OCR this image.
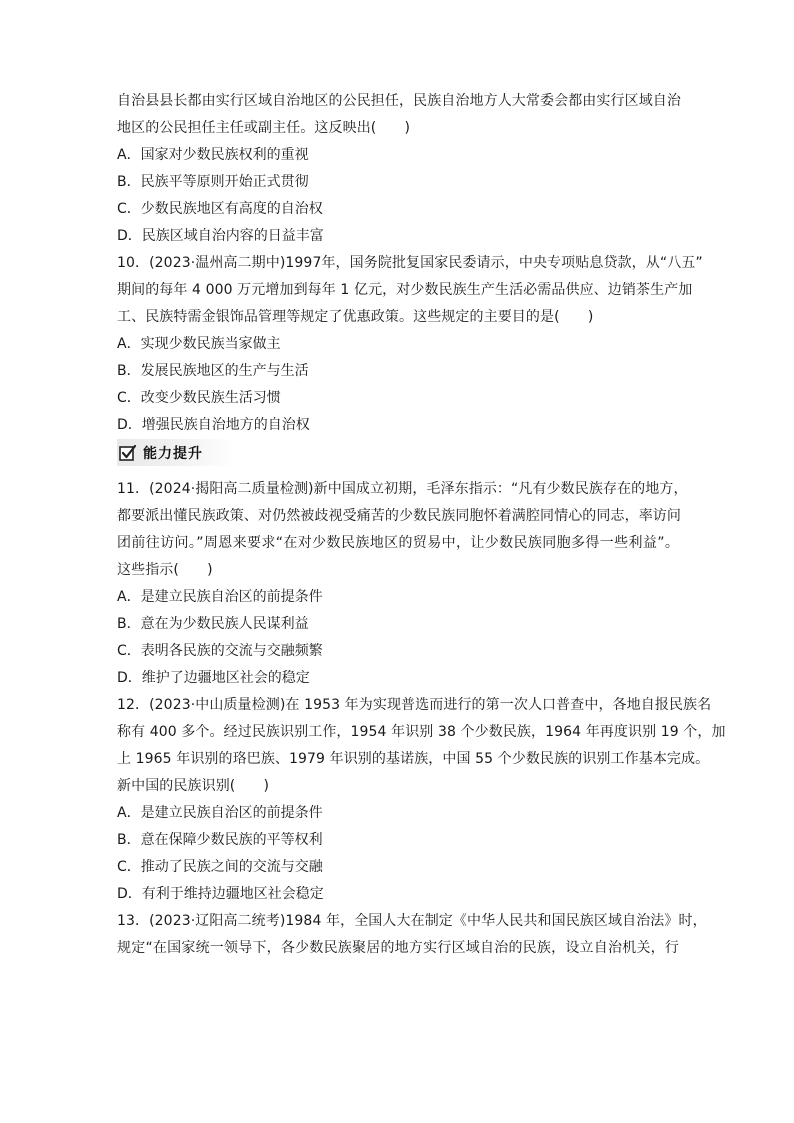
自治县县长都由实行区域自治地区的公民担任，民族自治地方人大常委会都由实行区域自治
地区的公民担任主任或副主任。这反映出(　　)
A．国家对少数民族权利的重视
B．民族平等原则开始正式贯彻
C．少数民族地区有高度的自治权
D．民族区域自治内容的日益丰富
10．(2023·温州高二期中)1997年，国务院批复国家民委请示，中央专项贴息贷款，从“八五”
期间的每年 4 000 万元增加到每年 1 亿元，对少数民族生产生活必需品供应、边销茶生产加
工、民族特需金银饰品管理等规定了优惠政策。这些规定的主要目的是(　　)
A．实现少数民族当家做主
B．发展民族地区的生产与生活
C．改变少数民族生活习惯
D．增强民族自治地方的自治权
能力提升
11．(2024·揭阳高二质量检测)新中国成立初期，毛泽东指示：“凡有少数民族存在的地方，
都要派出懂民族政策、对仍然被歧视受痛苦的少数民族同胞怀着满腔同情心的同志，率访问
团前往访问。”周恩来要求“在对少数民族地区的贸易中，让少数民族同胞多得一些利益”。
这些指示(　　)
A．是建立民族自治区的前提条件
B．意在为少数民族人民谋利益
C．表明各民族的交流与交融频繁
D．维护了边疆地区社会的稳定
12．(2023·中山质量检测)在 1953 年为实现普选而进行的第一次人口普查中，各地自报民族名
称有 400 多个。经过民族识别工作，1954 年识别 38 个少数民族，1964 年再度识别 19 个，加
上 1965 年识别的珞巴族、1979 年识别的基诺族，中国 55 个少数民族的识别工作基本完成。
新中国的民族识别(　　)
A．是建立民族自治区的前提条件
B．意在保障少数民族的平等权利
C．推动了民族之间的交流与交融
D．有利于维持边疆地区社会稳定
13．(2023·辽阳高二统考)1984 年，全国人大在制定《中华人民共和国民族区域自治法》时，
规定“在国家统一领导下，各少数民族聚居的地方实行区域自治的民族，设立自治机关，行
